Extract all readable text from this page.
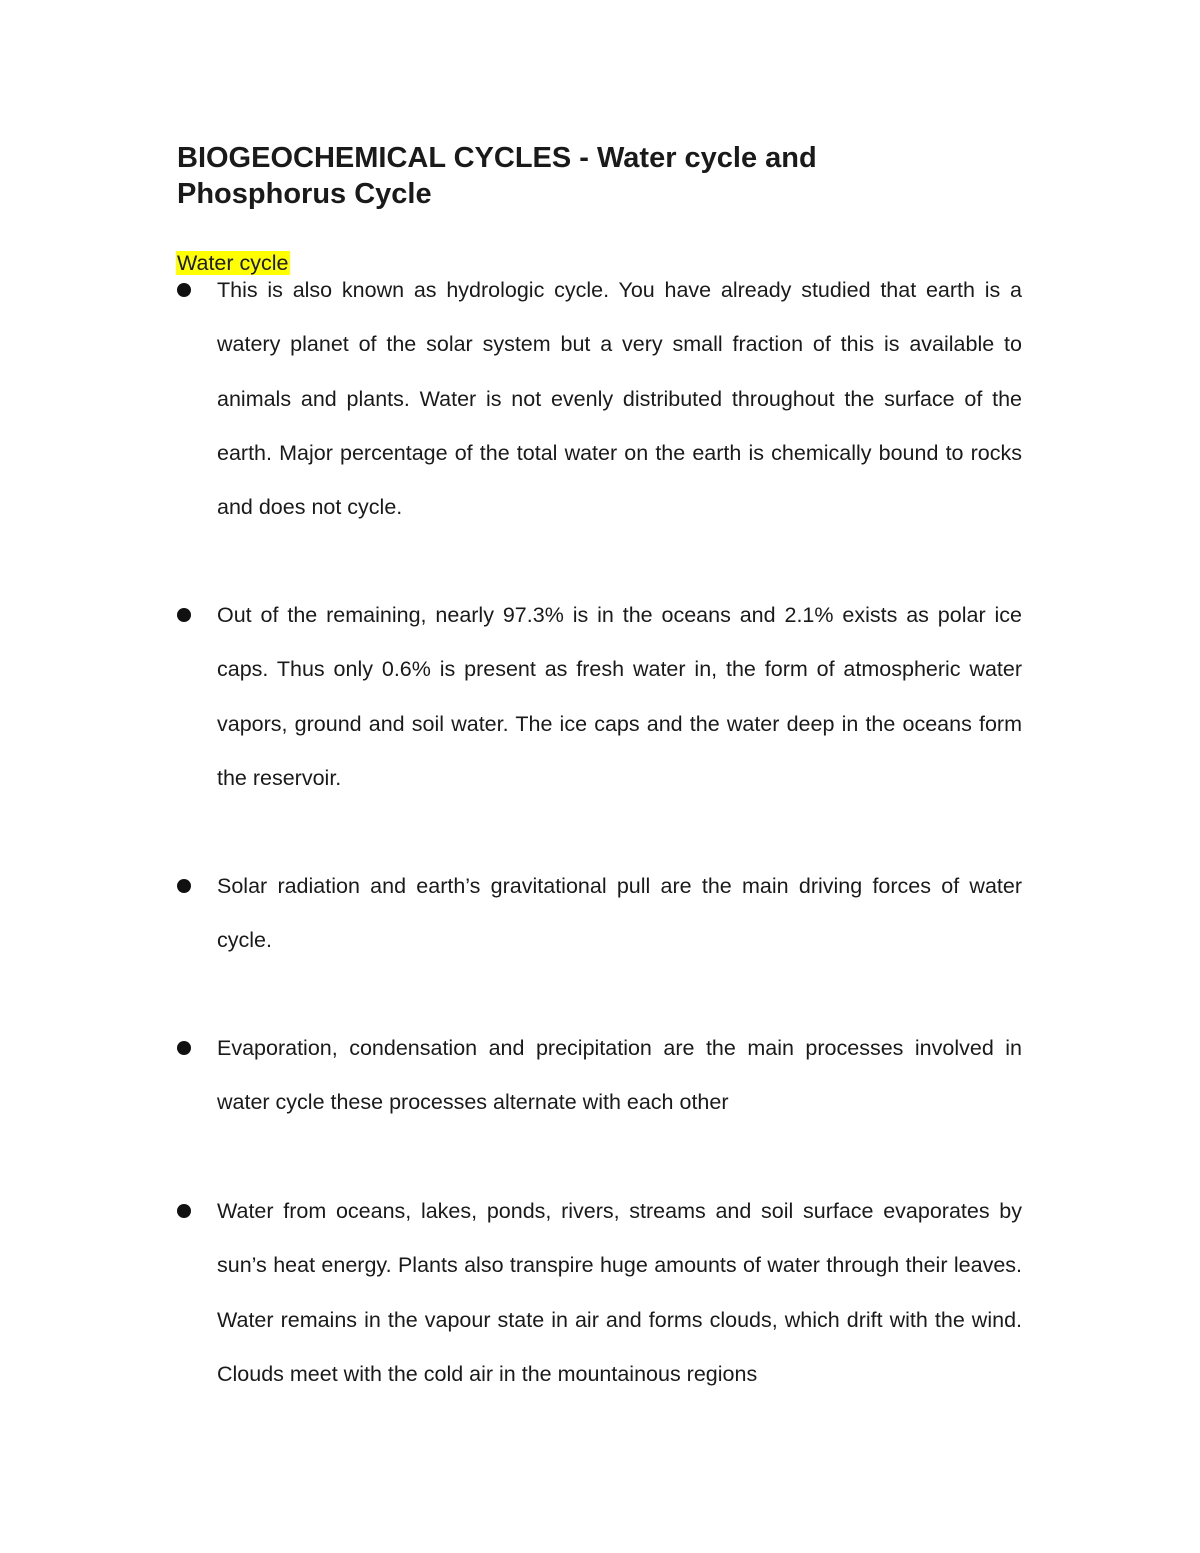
BIOGEOCHEMICAL CYCLES - Water cycle and Phosphorus Cycle
Water cycle

This is also known as hydrologic cycle. You have already studied that earth is a watery planet of the solar system but a very small fraction of this is available to animals and plants. Water is not evenly distributed throughout the surface of the earth. Major percentage of the total water on the earth is chemically bound to rocks and does not cycle.

Out of the remaining, nearly 97.3% is in the oceans and 2.1% exists as polar ice caps. Thus only 0.6% is present as fresh water in, the form of atmospheric water vapors, ground and soil water. The ice caps and the water deep in the oceans form the reservoir.

Solar radiation and earth’s gravitational pull are the main driving forces of water cycle.

Evaporation, condensation and precipitation are the main processes involved in water cycle these processes alternate with each other

Water from oceans, lakes, ponds, rivers, streams and soil surface evaporates by sun’s heat energy. Plants also transpire huge amounts of water through their leaves. Water remains in the vapour state in air and forms clouds, which drift with the wind. Clouds meet with the cold air in the mountainous regions
